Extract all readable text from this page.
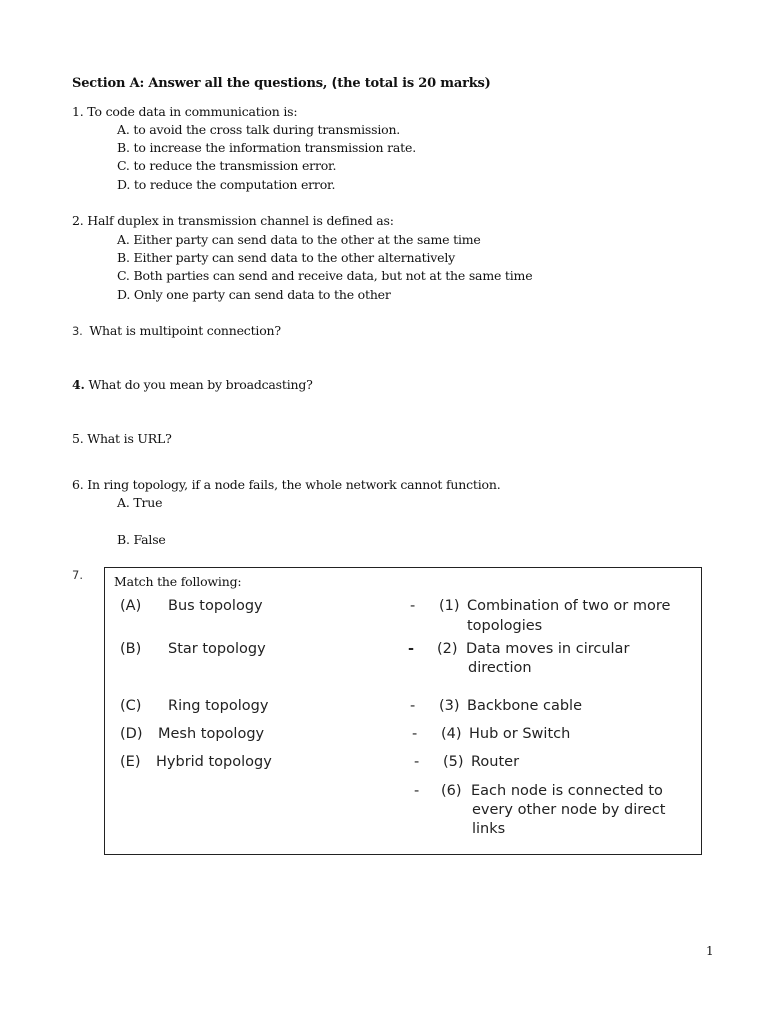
Section A: Answer all the questions, (the total is 20 marks)
1. To code data in communication is:
A. to avoid the cross talk during transmission.
B. to increase the information transmission rate.
C. to reduce the transmission error.
D. to reduce the computation error.
2. Half duplex in transmission channel is defined as:
A. Either party can send data to the other at the same time
B. Either party can send data to the other alternatively
C. Both parties can send and receive data, but not at the same time
D. Only one party can send data to the other
3. What is multipoint connection?
4. What do you mean by broadcasting?
5. What is URL?
6. In ring topology, if a node fails, the whole network cannot function.
A. True
B. False
7. Match the following:
(A) Bus topology
(B) Star topology
(C) Ring topology
(D) Mesh topology
(E) Hybrid topology
-
-
-
-
-
-
(1) Combination of two or more
topologies
(2) Data moves in circular
direction
(3) Backbone cable
(4) Hub or Switch
(5) Router
(6) Each node is connected to
every other node by direct
links
1
